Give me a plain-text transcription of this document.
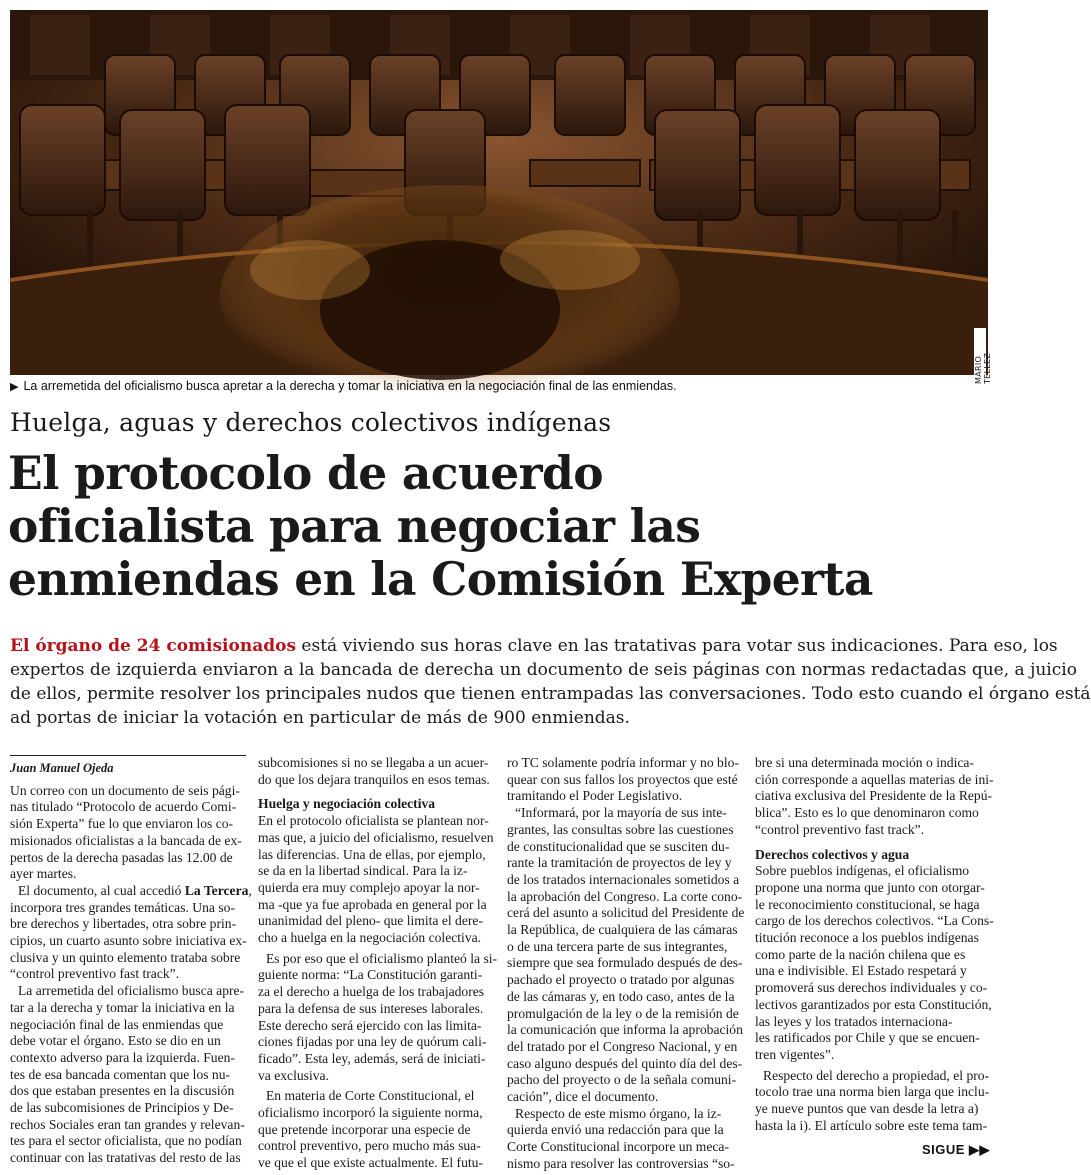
MARIO TELLEZ
▶ La arremetida del oficialismo busca apretar a la derecha y tomar la iniciativa en la negociación final de las enmiendas.
Huelga, aguas y derechos colectivos indígenas
El protocolo de acuerdo
oficialista para negociar las
enmiendas en la Comisión Experta
El órgano de 24 comisionados está viviendo sus horas clave en las tratativas para votar sus indicaciones. Para eso, los
expertos de izquierda enviaron a la bancada de derecha un documento de seis páginas con normas redactadas que, a juicio
de ellos, permite resolver los principales nudos que tienen entrampadas las conversaciones. Todo esto cuando el órgano está
ad portas de iniciar la votación en particular de más de 900 enmiendas.
Juan Manuel Ojeda
Un correo con un documento de seis pági-
nas titulado “Protocolo de acuerdo Comi-
sión Experta” fue lo que enviaron los co-
misionados oficialistas a la bancada de ex-
pertos de la derecha pasadas las 12.00 de
ayer martes.
El documento, al cual accedió La Tercera,
incorpora tres grandes temáticas. Una so-
bre derechos y libertades, otra sobre prin-
cipios, un cuarto asunto sobre iniciativa ex-
clusiva y un quinto elemento trataba sobre
“control preventivo fast track”.
La arremetida del oficialismo busca apre-
tar a la derecha y tomar la iniciativa en la
negociación final de las enmiendas que
debe votar el órgano. Esto se dio en un
contexto adverso para la izquierda. Fuen-
tes de esa bancada comentan que los nu-
dos que estaban presentes en la discusión
de las subcomisiones de Principios y De-
rechos Sociales eran tan grandes y relevan-
tes para el sector oficialista, que no podían
continuar con las tratativas del resto de las
subcomisiones si no se llegaba a un acuer-
do que los dejara tranquilos en esos temas.
Huelga y negociación colectiva
En el protocolo oficialista se plantean nor-
mas que, a juicio del oficialismo, resuelven
las diferencias. Una de ellas, por ejemplo,
se da en la libertad sindical. Para la iz-
quierda era muy complejo apoyar la nor-
ma -que ya fue aprobada en general por la
unanimidad del pleno- que limita el dere-
cho a huelga en la negociación colectiva.
Es por eso que el oficialismo planteó la si-
guiente norma: “La Constitución garanti-
za el derecho a huelga de los trabajadores
para la defensa de sus intereses laborales.
Este derecho será ejercido con las limita-
ciones fijadas por una ley de quórum cali-
ficado”. Esta ley, además, será de iniciati-
va exclusiva.
En materia de Corte Constitucional, el
oficialismo incorporó la siguiente norma,
que pretende incorporar una especie de
control preventivo, pero mucho más sua-
ve que el que existe actualmente. El futu-
ro TC solamente podría informar y no blo-
quear con sus fallos los proyectos que esté
tramitando el Poder Legislativo.
“Informará, por la mayoría de sus inte-
grantes, las consultas sobre las cuestiones
de constitucionalidad que se susciten du-
rante la tramitación de proyectos de ley y
de los tratados internacionales sometidos a
la aprobación del Congreso. La corte cono-
cerá del asunto a solicitud del Presidente de
la República, de cualquiera de las cámaras
o de una tercera parte de sus integrantes,
siempre que sea formulado después de des-
pachado el proyecto o tratado por algunas
de las cámaras y, en todo caso, antes de la
promulgación de la ley o de la remisión de
la comunicación que informa la aprobación
del tratado por el Congreso Nacional, y en
caso alguno después del quinto día del des-
pacho del proyecto o de la señala comuni-
cación”, dice el documento.
Respecto de este mismo órgano, la iz-
quierda envió una redacción para que la
Corte Constitucional incorpore un meca-
nismo para resolver las controversias “so-
bre si una determinada moción o indica-
ción corresponde a aquellas materias de ini-
ciativa exclusiva del Presidente de la Repú-
blica”. Esto es lo que denominaron como
“control preventivo fast track”.
Derechos colectivos y agua
Sobre pueblos indígenas, el oficialismo
propone una norma que junto con otorgar-
le reconocimiento constitucional, se haga
cargo de los derechos colectivos. “La Cons-
titución reconoce a los pueblos indígenas
como parte de la nación chilena que es
una e indivisible. El Estado respetará y
promoverá sus derechos individuales y co-
lectivos garantizados por esta Constitución,
las leyes y los tratados internaciona-
les ratificados por Chile y que se encuen-
tren vigentes”.
Respecto del derecho a propiedad, el pro-
tocolo trae una norma bien larga que inclu-
ye nueve puntos que van desde la letra a)
hasta la i). El artículo sobre este tema tam-
SIGUE ▶▶
